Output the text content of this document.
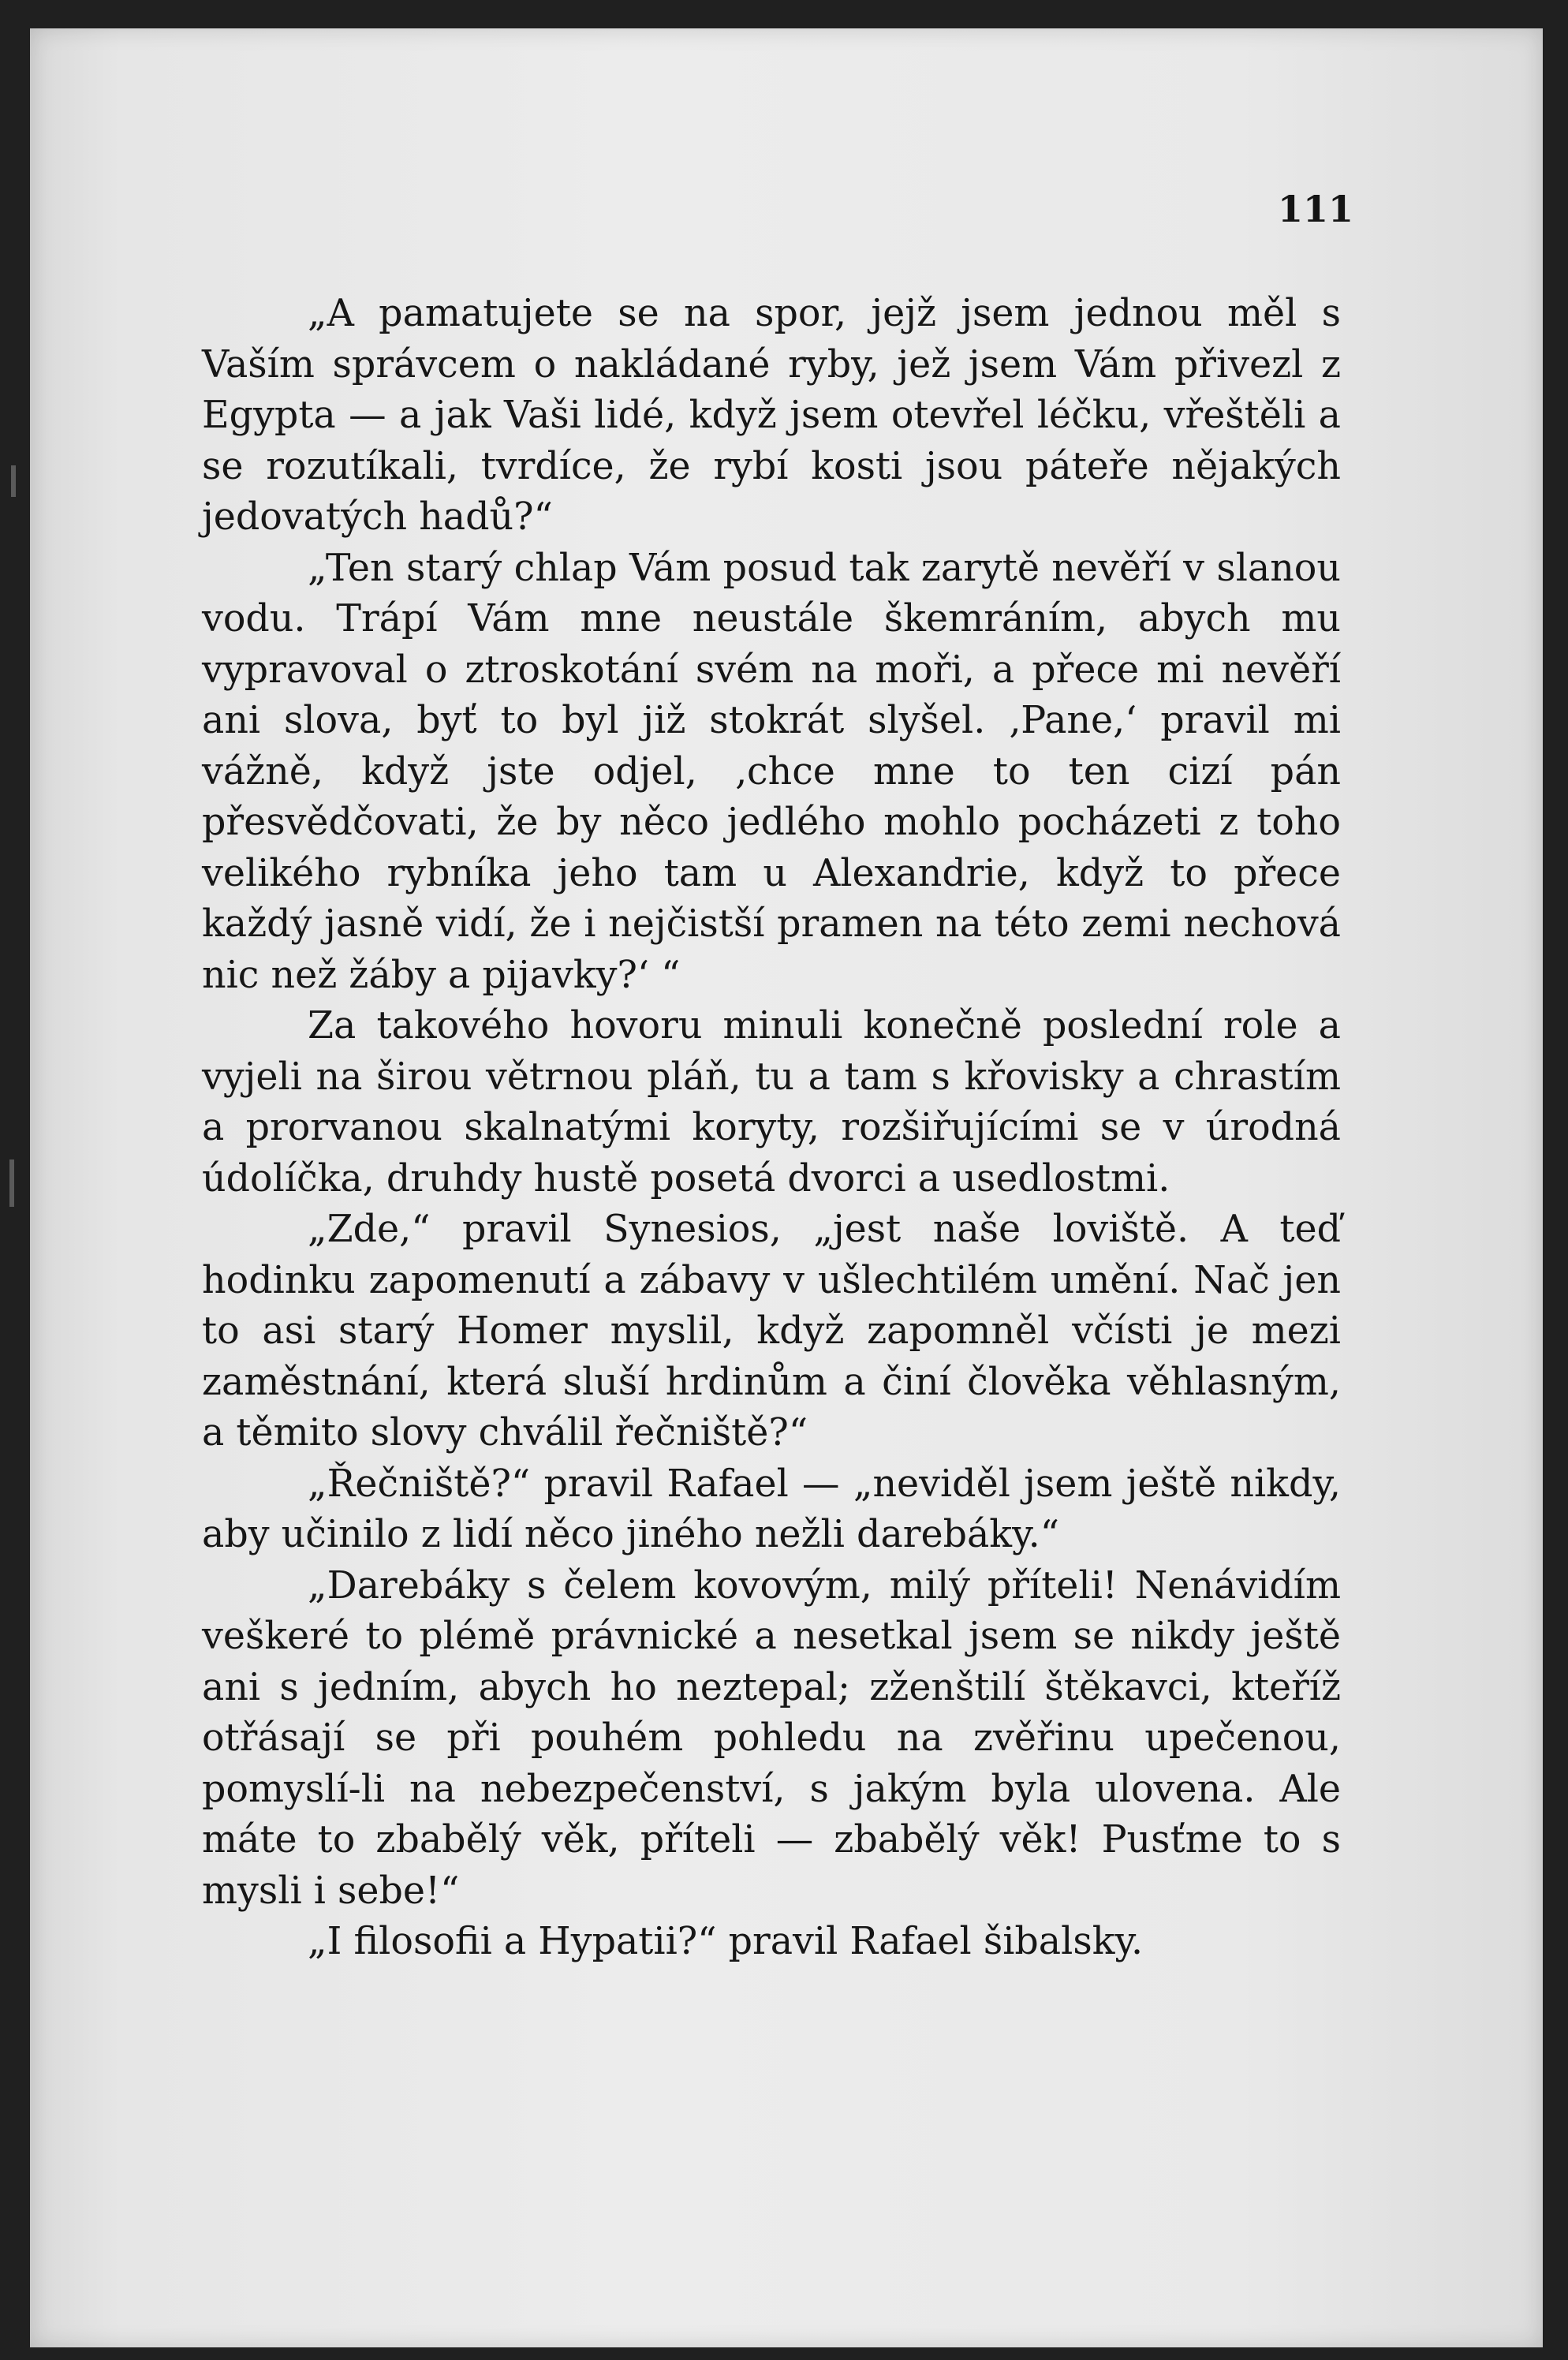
111

„A pamatujete se na spor, jejž jsem jednou měl s Vaším správcem o nakládané ryby, jež jsem Vám přivezl z Egypta — a jak Vaši lidé, když jsem otevřel léčku, vřeštěli a se rozutíkali, tvrdíce, že rybí kosti jsou páteře nějakých jedovatých hadů?“

„Ten starý chlap Vám posud tak zarytě nevěří v slanou vodu. Trápí Vám mne neustále škemráním, abych mu vypravoval o ztroskotání svém na moři, a přece mi nevěří ani slova, byť to byl již stokrát slyšel. ‚Pane,‘ pravil mi vážně, když jste odjel, ‚chce mne to ten cizí pán přesvědčovati, že by něco jedlého mohlo pocházeti z toho velikého rybníka jeho tam u Alexandrie, když to přece každý jasně vidí, že i nejčistší pramen na této zemi nechová nic než žáby a pijavky?‘ “

Za takového hovoru minuli konečně poslední role a vyjeli na širou větrnou pláň, tu a tam s křovisky a chrastím a prorvanou skalnatými koryty, rozšiřujícími se v úrodná údolíčka, druhdy hustě posetá dvorci a usedlostmi.

„Zde,“ pravil Synesios, „jest naše loviště. A teď hodinku zapomenutí a zábavy v ušlechtilém umění. Nač jen to asi starý Homer myslil, když zapomněl včísti je mezi zaměstnání, která sluší hrdinům a činí člověka věhlasným, a těmito slovy chválil řečniště?“

„Řečniště?“ pravil Rafael — „neviděl jsem ještě nikdy, aby učinilo z lidí něco jiného nežli darebáky.“

„Darebáky s čelem kovovým, milý příteli! Nenávidím veškeré to plémě právnické a nesetkal jsem se nikdy ještě ani s jedním, abych ho neztepal; zženštilí štěkavci, kteříž otřásají se při pouhém pohledu na zvěřinu upečenou, pomyslí-li na nebezpečenství, s jakým byla ulovena. Ale máte to zbabělý věk, příteli — zbabělý věk! Pusťme to s mysli i sebe!“

„I filosofii a Hypatii?“ pravil Rafael šibalsky.
